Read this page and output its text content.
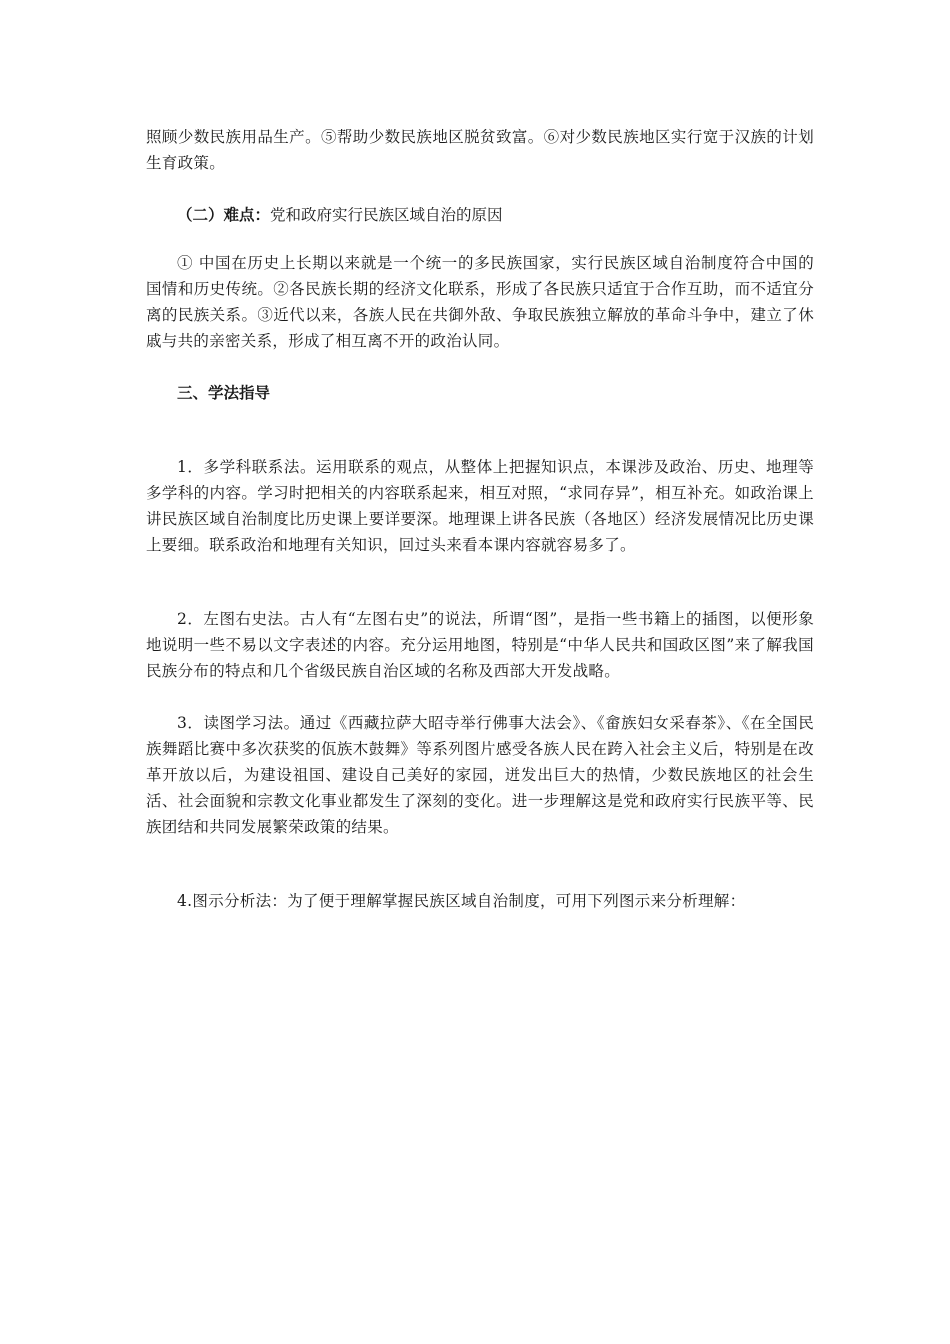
照顾少数民族用品生产。⑤帮助少数民族地区脱贫致富。⑥对少数民族地区实行宽于汉族的计划生育政策。

（二）难点：党和政府实行民族区域自治的原因

① 中国在历史上长期以来就是一个统一的多民族国家，实行民族区域自治制度符合中国的国情和历史传统。②各民族长期的经济文化联系，形成了各民族只适宜于合作互助，而不适宜分离的民族关系。③近代以来，各族人民在共御外敌、争取民族独立解放的革命斗争中，建立了休戚与共的亲密关系，形成了相互离不开的政治认同。

三、学法指导

1．多学科联系法。运用联系的观点，从整体上把握知识点，本课涉及政治、历史、地理等多学科的内容。学习时把相关的内容联系起来，相互对照，“求同存异”，相互补充。如政治课上讲民族区域自治制度比历史课上要详要深。地理课上讲各民族（各地区）经济发展情况比历史课上要细。联系政治和地理有关知识，回过头来看本课内容就容易多了。

2．左图右史法。古人有“左图右史”的说法，所谓“图”，是指一些书籍上的插图，以便形象地说明一些不易以文字表述的内容。充分运用地图，特别是“中华人民共和国政区图”来了解我国民族分布的特点和几个省级民族自治区域的名称及西部大开发战略。

3．读图学习法。通过《西藏拉萨大昭寺举行佛事大法会》、《畲族妇女采春茶》、《在全国民族舞蹈比赛中多次获奖的佤族木鼓舞》等系列图片感受各族人民在跨入社会主义后，特别是在改革开放以后，为建设祖国、建设自己美好的家园，迸发出巨大的热情，少数民族地区的社会生活、社会面貌和宗教文化事业都发生了深刻的变化。进一步理解这是党和政府实行民族平等、民族团结和共同发展繁荣政策的结果。

4.图示分析法：为了便于理解掌握民族区域自治制度，可用下列图示来分析理解：
